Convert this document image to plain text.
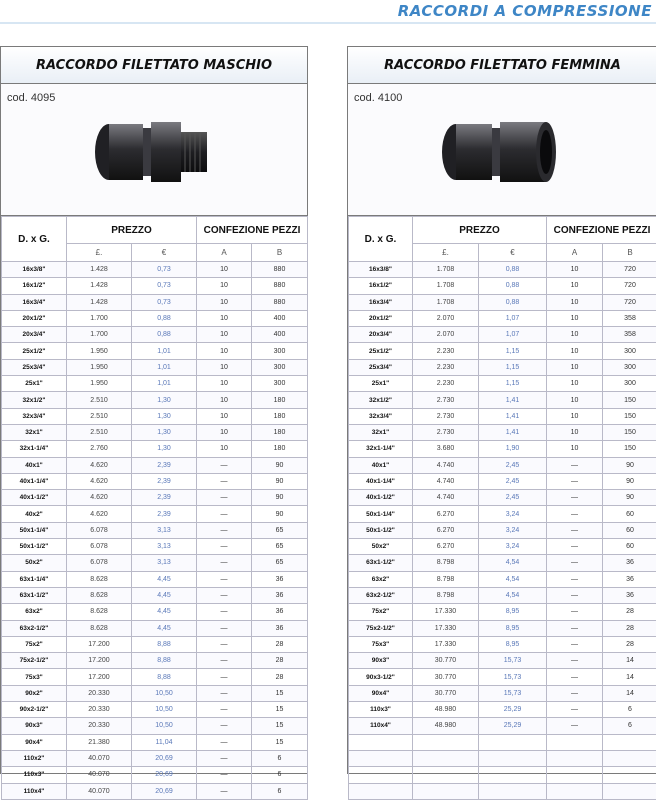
RACCORDI A COMPRESSIONE
RACCORDO FILETTATO MASCHIO
cod. 4095
D. x G.	PREZZO		CONFEZIONE PEZZI	
	£.	€	A	B
16x3/8"	1.428	0,73	10	880
16x1/2"	1.428	0,73	10	880
16x3/4"	1.428	0,73	10	880
20x1/2"	1.700	0,88	10	400
20x3/4"	1.700	0,88	10	400
25x1/2"	1.950	1,01	10	300
25x3/4"	1.950	1,01	10	300
25x1"	1.950	1,01	10	300
32x1/2"	2.510	1,30	10	180
32x3/4"	2.510	1,30	10	180
32x1"	2.510	1,30	10	180
32x1-1/4"	2.760	1,30	10	180
40x1"	4.620	2,39	—	90
40x1-1/4"	4.620	2,39	—	90
40x1-1/2"	4.620	2,39	—	90
40x2"	4.620	2,39	—	90
50x1-1/4"	6.078	3,13	—	65
50x1-1/2"	6.078	3,13	—	65
50x2"	6.078	3,13	—	65
63x1-1/4"	8.628	4,45	—	36
63x1-1/2"	8.628	4,45	—	36
63x2"	8.628	4,45	—	36
63x2-1/2"	8.628	4,45	—	36
75x2"	17.200	8,88	—	28
75x2-1/2"	17.200	8,88	—	28
75x3"	17.200	8,88	—	28
90x2"	20.330	10,50	—	15
90x2-1/2"	20.330	10,50	—	15
90x3"	20.330	10,50	—	15
90x4"	21.380	11,04	—	15
110x2"	40.070	20,69	—	6
110x3"	40.070	20,69	—	6
110x4"	40.070	20,69	—	6
RACCORDO FILETTATO FEMMINA
cod. 4100
D. x G.	PREZZO		CONFEZIONE PEZZI	
	£.	€	A	B
16x3/8"	1.708	0,88	10	720
16x1/2"	1.708	0,88	10	720
16x3/4"	1.708	0,88	10	720
20x1/2"	2.070	1,07	10	358
20x3/4"	2.070	1,07	10	358
25x1/2"	2.230	1,15	10	300
25x3/4"	2.230	1,15	10	300
25x1"	2.230	1,15	10	300
32x1/2"	2.730	1,41	10	150
32x3/4"	2.730	1,41	10	150
32x1"	2.730	1,41	10	150
32x1-1/4"	3.680	1,90	10	150
40x1"	4.740	2,45	—	90
40x1-1/4"	4.740	2,45	—	90
40x1-1/2"	4.740	2,45	—	90
50x1-1/4"	6.270	3,24	—	60
50x1-1/2"	6.270	3,24	—	60
50x2"	6.270	3,24	—	60
63x1-1/2"	8.798	4,54	—	36
63x2"	8.798	4,54	—	36
63x2-1/2"	8.798	4,54	—	36
75x2"	17.330	8,95	—	28
75x2-1/2"	17.330	8,95	—	28
75x3"	17.330	8,95	—	28
90x3"	30.770	15,73	—	14
90x3-1/2"	30.770	15,73	—	14
90x4"	30.770	15,73	—	14
110x3"	48.980	25,29	—	6
110x4"	48.980	25,29	—	6
